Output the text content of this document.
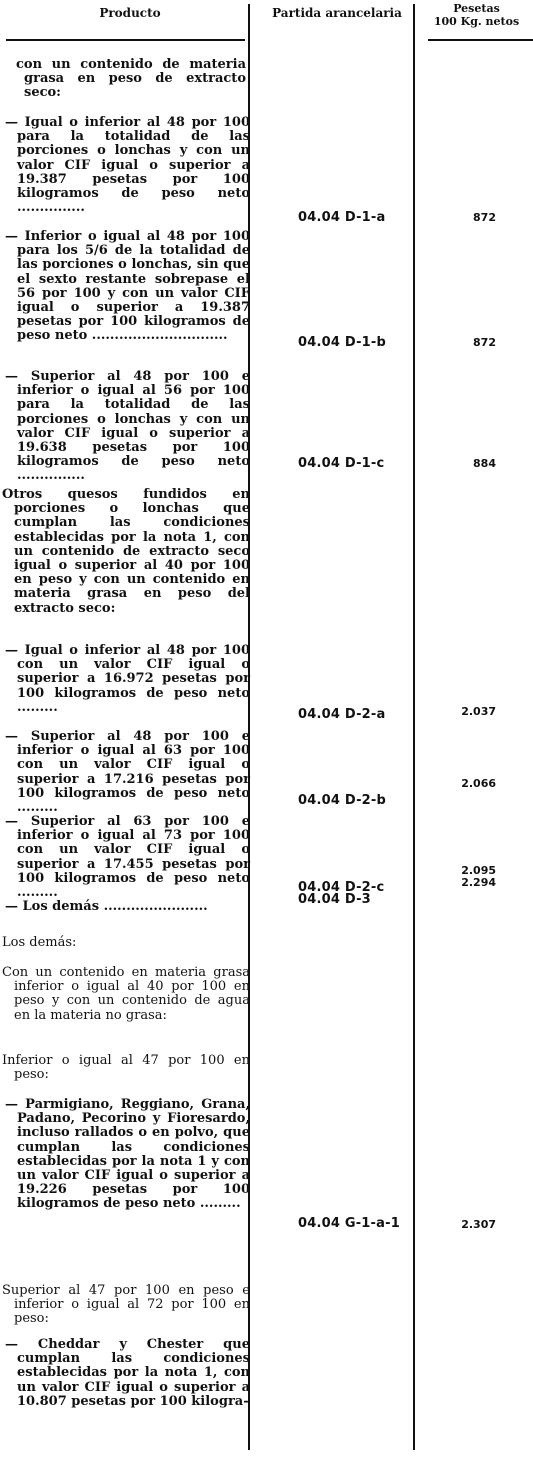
Producto	Partida arancelaria	Pesetas
100 Kg. netos
con un contenido de materia grasa en peso de extracto seco:
— Igual o inferior al 48 por 100 para la totalidad de las porciones o lonchas y con un valor CIF igual o superior a 19.387 pesetas por 100 kilogramos de peso neto ...............
— Inferior o igual al 48 por 100 para los 5/6 de la totalidad de las porciones o lonchas, sin que el sexto restante sobrepase el 56 por 100 y con un valor CIF igual o superior a 19.387 pesetas por 100 kilogramos de peso neto ..............................
— Superior al 48 por 100 e inferior o igual al 56 por 100 para la totalidad de las porciones o lonchas y con un valor CIF igual o superior a 19.638 pesetas por 100 kilogramos de peso neto ...............
Otros quesos fundidos en porciones o lonchas que cumplan las condiciones establecidas por la nota 1, con un contenido de extracto seco igual o superior al 40 por 100 en peso y con un contenido en materia grasa en peso del extracto seco:
— Igual o inferior al 48 por 100 con un valor CIF igual o superior a 16.972 pesetas por 100 kilogramos de peso neto .........
— Superior al 48 por 100 e inferior o igual al 63 por 100 con un valor CIF igual o superior a 17.216 pesetas por 100 kilogramos de peso neto .........
— Superior al 63 por 100 e inferior o igual al 73 por 100 con un valor CIF igual o superior a 17.455 pesetas por 100 kilogramos de peso neto .........
— Los demás .......................
Los demás:
Con un contenido en materia grasa inferior o igual al 40 por 100 en peso y con un contenido de agua en la materia no grasa:
Inferior o igual al 47 por 100 en peso:
— Parmigiano, Reggiano, Grana, Padano, Pecorino y Fioresardo, incluso rallados o en polvo, que cumplan las condiciones establecidas por la nota 1 y con un valor CIF igual o superior a 19.226 pesetas por 100 kilogramos de peso neto .........
Superior al 47 por 100 en peso e inferior o igual al 72 por 100 en peso:
— Cheddar y Chester que cumplan las condiciones establecidas por la nota 1, con un valor CIF igual o superior a 10.807 pesetas por 100 kilogra-
04.04 D-1-a
04.04 D-1-b
04.04 D-1-c
04.04 D-2-a
04.04 D-2-b
04.04 D-2-c
04.04 D-3
04.04 G-1-a-1
872
872
884
2.037
2.066
2.095
2.294
2.307
